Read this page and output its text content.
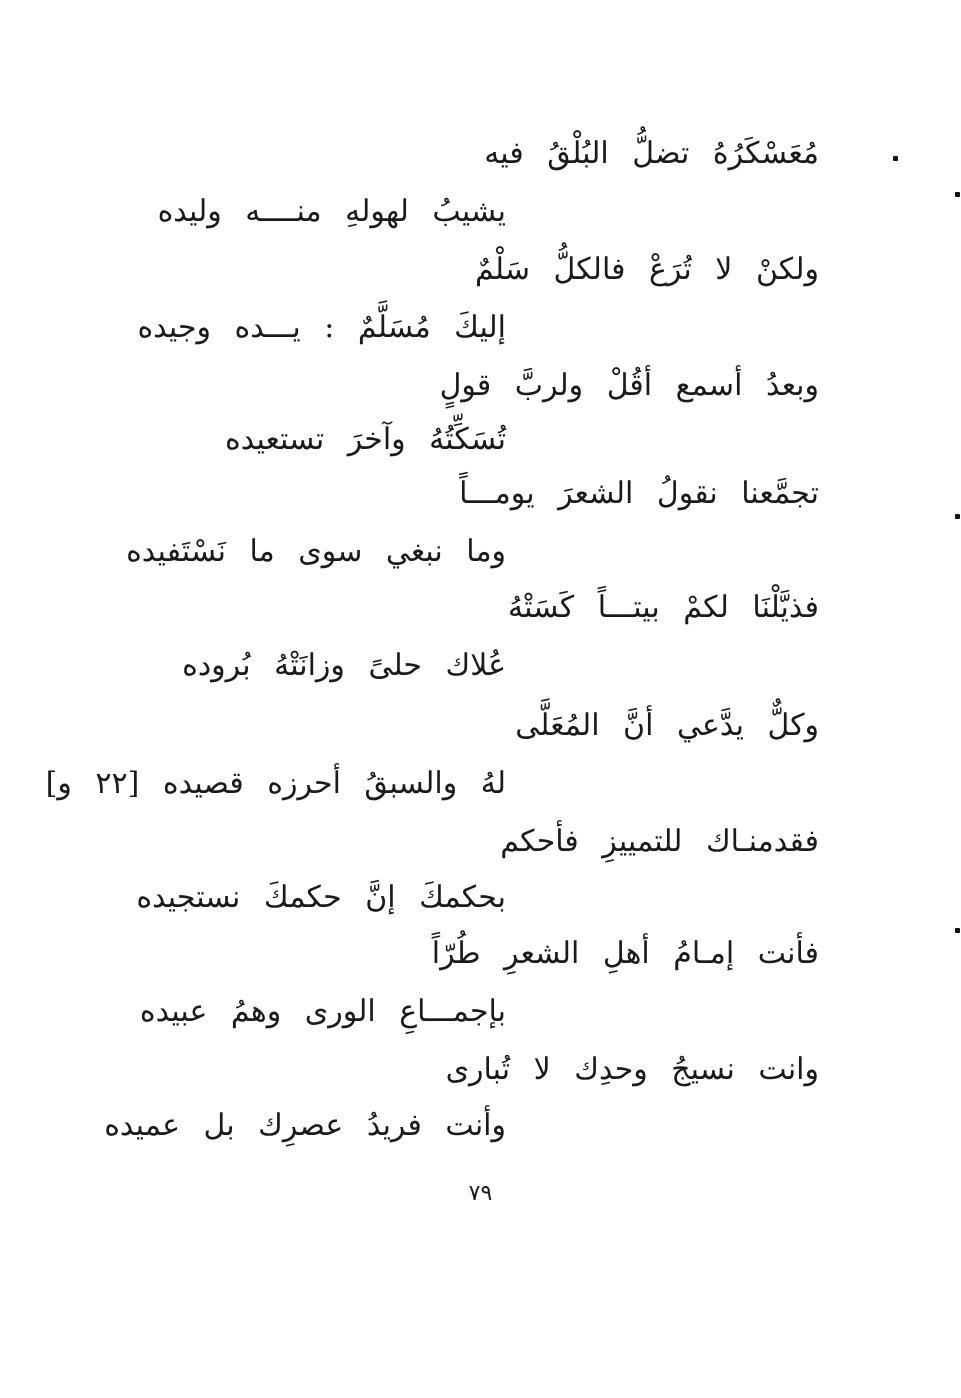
مُعَسْكَرُهُ تضلُّ البُلْقُ فيه
يشيبُ لهولهِ منــــه وليده
ولكنْ لا تُرَعْ فالكلُّ سَلْمٌ
إليكَ مُسَلَّمٌ : يـــده وجيده
وبعدُ أسمع أقُلْ ولربَّ قولٍ
تُسَكِّتُهُ وآخرَ تستعيده
تجمَّعنا نقولُ الشعرَ يومـــاً
وما نبغي سوى ما نَسْتَفيده
فذيَّلْنَا لكمْ بيتـــاً كَسَتْهُ
عُلاك حلىً وزانَتْهُ بُروده
وكلٌّ يدَّعي أنَّ المُعَلَّى
لهُ والسبقُ أحرزه قصيده [٢٢ و]
فقدمنـاك للتمييزِ فأحكم
بحكمكَ إنَّ حكمكَ نستجيده
فأنت إمـامُ أهلِ الشعرِ طُرّاً
بإجمـــاعِ الورى وهمُ عبيده
وانت نسيجُ وحدِك لا تُبارى
وأنت فريدُ عصرِك بل عميده
٧٩
